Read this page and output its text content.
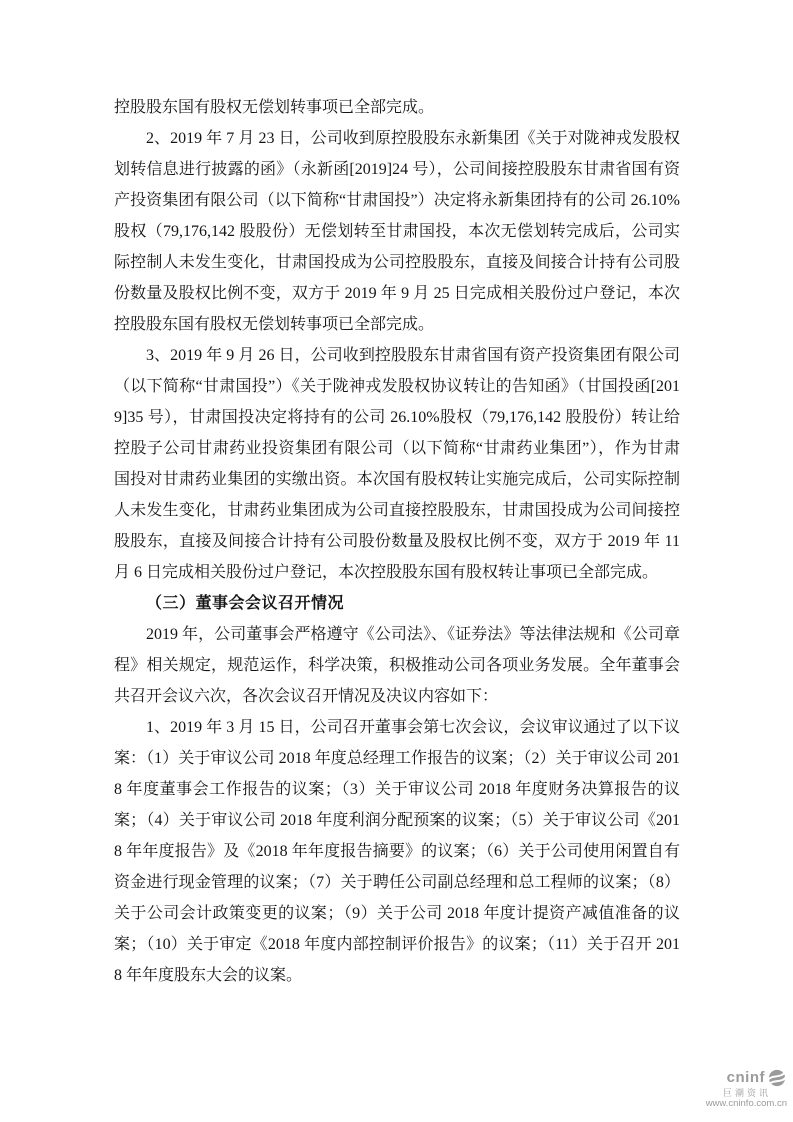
控股股东国有股权无偿划转事项已全部完成。

2、2019 年 7 月 23 日，公司收到原控股股东永新集团《关于对陇神戎发股权划转信息进行披露的函》（永新函[2019]24 号），公司间接控股股东甘肃省国有资产投资集团有限公司（以下简称“甘肃国投”）决定将永新集团持有的公司 26.10%股权（79,176,142 股股份）无偿划转至甘肃国投，本次无偿划转完成后，公司实际控制人未发生变化，甘肃国投成为公司控股股东，直接及间接合计持有公司股份数量及股权比例不变，双方于 2019 年 9 月 25 日完成相关股份过户登记，本次控股股东国有股权无偿划转事项已全部完成。

3、2019 年 9 月 26 日，公司收到控股股东甘肃省国有资产投资集团有限公司（以下简称“甘肃国投”）《关于陇神戎发股权协议转让的告知函》（甘国投函[2019]35 号），甘肃国投决定将持有的公司 26.10%股权（79,176,142 股股份）转让给控股子公司甘肃药业投资集团有限公司（以下简称“甘肃药业集团”），作为甘肃国投对甘肃药业集团的实缴出资。本次国有股权转让实施完成后，公司实际控制人未发生变化，甘肃药业集团成为公司直接控股股东，甘肃国投成为公司间接控股股东，直接及间接合计持有公司股份数量及股权比例不变，双方于 2019 年 11 月 6 日完成相关股份过户登记，本次控股股东国有股权转让事项已全部完成。

（三）董事会会议召开情况

2019 年，公司董事会严格遵守《公司法》、《证券法》等法律法规和《公司章程》相关规定，规范运作，科学决策，积极推动公司各项业务发展。全年董事会共召开会议六次，各次会议召开情况及决议内容如下：

1、2019 年 3 月 15 日，公司召开董事会第七次会议，会议审议通过了以下议案：（1）关于审议公司 2018 年度总经理工作报告的议案；（2）关于审议公司 2018 年度董事会工作报告的议案；（3）关于审议公司 2018 年度财务决算报告的议案；（4）关于审议公司 2018 年度利润分配预案的议案；（5）关于审议公司《2018 年年度报告》及《2018 年年度报告摘要》的议案；（6）关于公司使用闲置自有资金进行现金管理的议案；（7）关于聘任公司副总经理和总工程师的议案；（8）关于公司会计政策变更的议案；（9）关于公司 2018 年度计提资产减值准备的议案；（10）关于审定《2018 年度内部控制评价报告》的议案；（11）关于召开 2018 年年度股东大会的议案。

cninf
巨潮资讯
www.cninfo.com.cn
